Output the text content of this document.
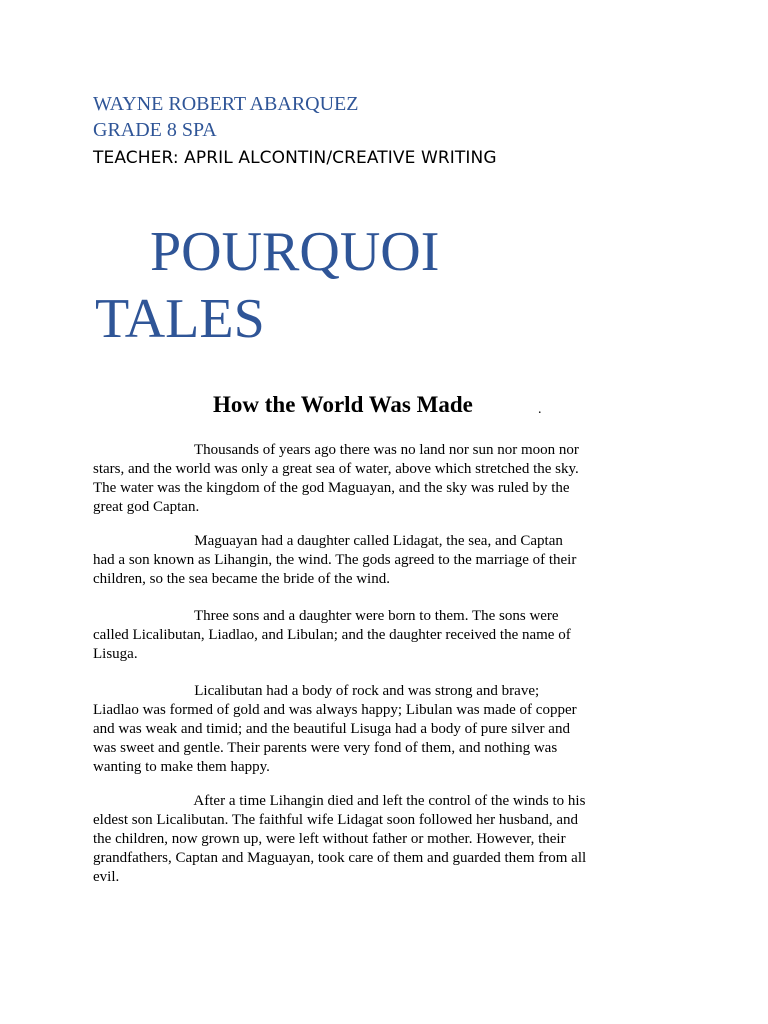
WAYNE ROBERT ABARQUEZ

GRADE 8 SPA

TEACHER: APRIL ALCONTIN/CREATIVE WRITING

POURQUOI
TALES
How the World Was Made	.
Thousands of years ago there was no land nor sun nor moon nor
stars, and the world was only a great sea of water, above which stretched the sky.
The water was the kingdom of the god Maguayan, and the sky was ruled by the
great god Captan.
Maguayan had a daughter called Lidagat, the sea, and Captan
had a son known as Lihangin, the wind. The gods agreed to the marriage of their
children, so the sea became the bride of the wind.
Three sons and a daughter were born to them. The sons were
called Licalibutan, Liadlao, and Libulan; and the daughter received the name of
Lisuga.
Licalibutan had a body of rock and was strong and brave;
Liadlao was formed of gold and was always happy; Libulan was made of copper
and was weak and timid; and the beautiful Lisuga had a body of pure silver and
was sweet and gentle. Their parents were very fond of them, and nothing was
wanting to make them happy.
After a time Lihangin died and left the control of the winds to his
eldest son Licalibutan. The faithful wife Lidagat soon followed her husband, and
the children, now grown up, were left without father or mother. However, their
grandfathers, Captan and Maguayan, took care of them and guarded them from all
evil.
